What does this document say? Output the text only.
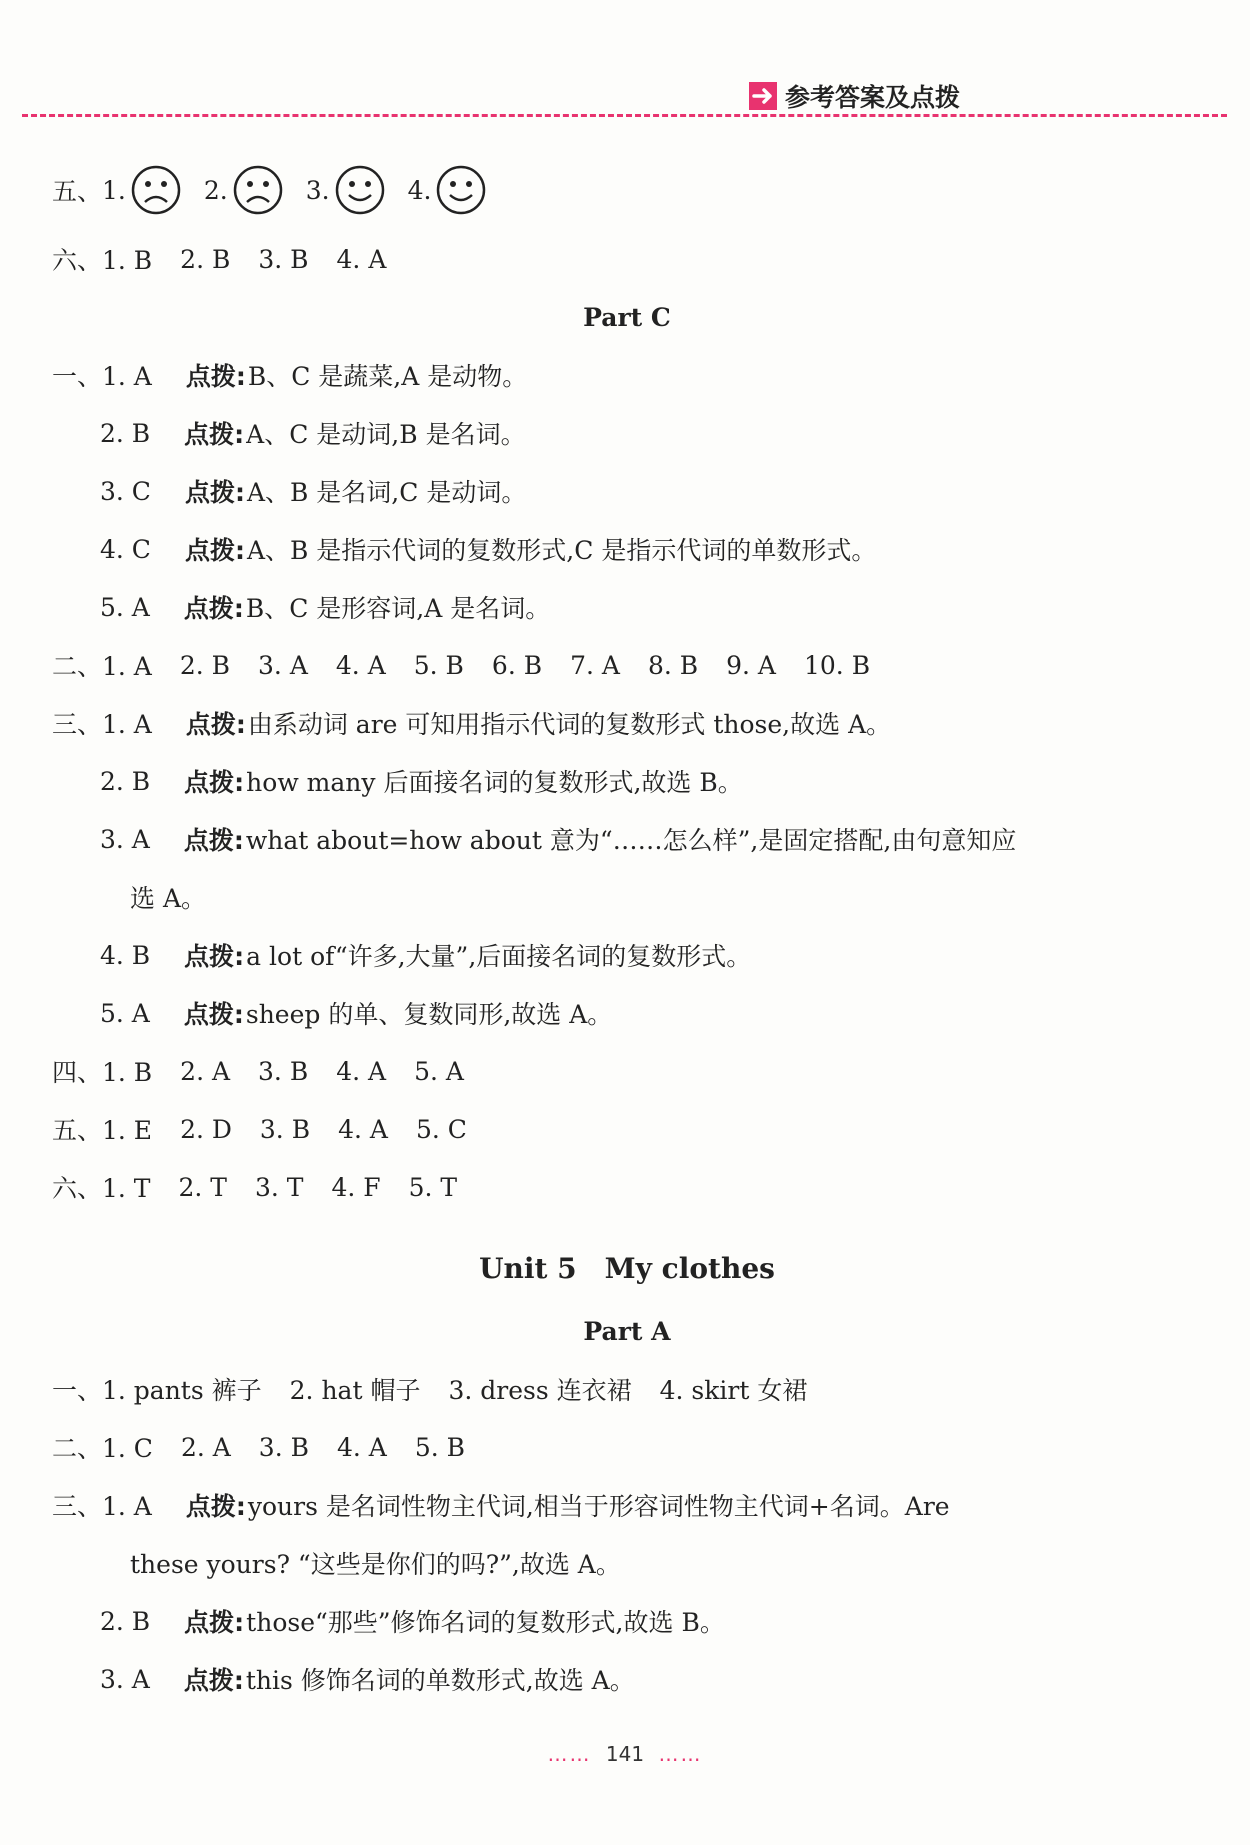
参考答案及点拨
五、 1.	2.	3.	4.
六、1. B 2. B 3. B 4. A
Part C
一、1. A 点拨: B、C 是蔬菜,A 是动物。
2. B 点拨: A、C 是动词,B 是名词。
3. C 点拨: A、B 是名词,C 是动词。
4. C 点拨: A、B 是指示代词的复数形式,C 是指示代词的单数形式。
5. A 点拨: B、C 是形容词,A 是名词。
二、1. A 2. B 3. A 4. A 5. B 6. B 7. A 8. B 9. A 10. B
三、1. A 点拨: 由系动词 are 可知用指示代词的复数形式 those,故选 A。
2. B 点拨: how many 后面接名词的复数形式,故选 B。
3. A 点拨: what about=how about 意为“……怎么样”,是固定搭配,由句意知应
选 A。
4. B 点拨: a lot of“许多,大量”,后面接名词的复数形式。
5. A 点拨: sheep 的单、复数同形,故选 A。
四、1. B 2. A 3. B 4. A 5. A
五、1. E 2. D 3. B 4. A 5. C
六、1. T 2. T 3. T 4. F 5. T
Unit 5　My clothes
Part A
一、1. pants 裤子 2. hat 帽子 3. dress 连衣裙 4. skirt 女裙
二、1. C 2. A 3. B 4. A 5. B
三、1. A 点拨: yours 是名词性物主代词,相当于形容词性物主代词+名词。Are
these yours? “这些是你们的吗?”,故选 A。
2. B 点拨: those“那些”修饰名词的复数形式,故选 B。
3. A 点拨: this 修饰名词的单数形式,故选 A。
…… 141 ……
